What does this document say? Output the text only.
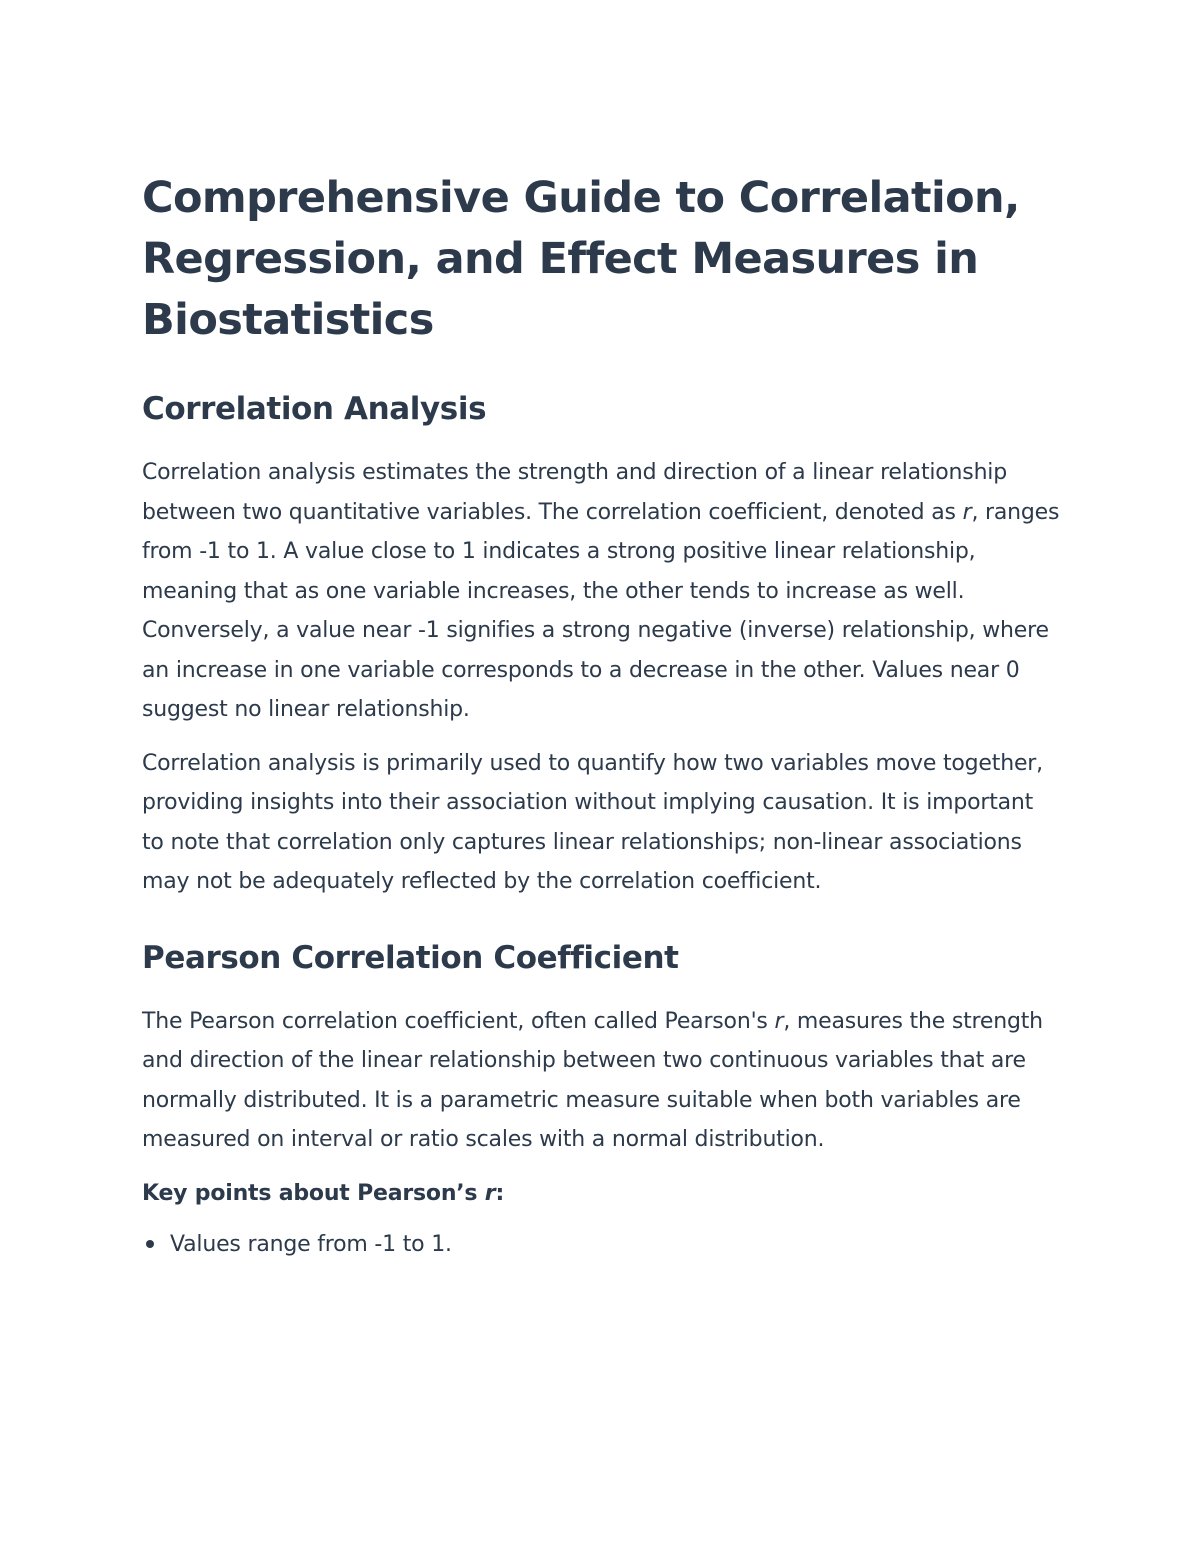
Comprehensive Guide to Correlation, Regression, and Effect Measures in Biostatistics
Correlation Analysis

Correlation analysis estimates the strength and direction of a linear relationship between two quantitative variables. The correlation coefficient, denoted as r, ranges from -1 to 1. A value close to 1 indicates a strong positive linear relationship, meaning that as one variable increases, the other tends to increase as well. Conversely, a value near -1 signifies a strong negative (inverse) relationship, where an increase in one variable corresponds to a decrease in the other. Values near 0 suggest no linear relationship.

Correlation analysis is primarily used to quantify how two variables move together, providing insights into their association without implying causation. It is important to note that correlation only captures linear relationships; non-linear associations may not be adequately reflected by the correlation coefficient.

Pearson Correlation Coefficient

The Pearson correlation coefficient, often called Pearson's r, measures the strength and direction of the linear relationship between two continuous variables that are normally distributed. It is a parametric measure suitable when both variables are measured on interval or ratio scales with a normal distribution.

Key points about Pearson’s r:

Values range from -1 to 1.
